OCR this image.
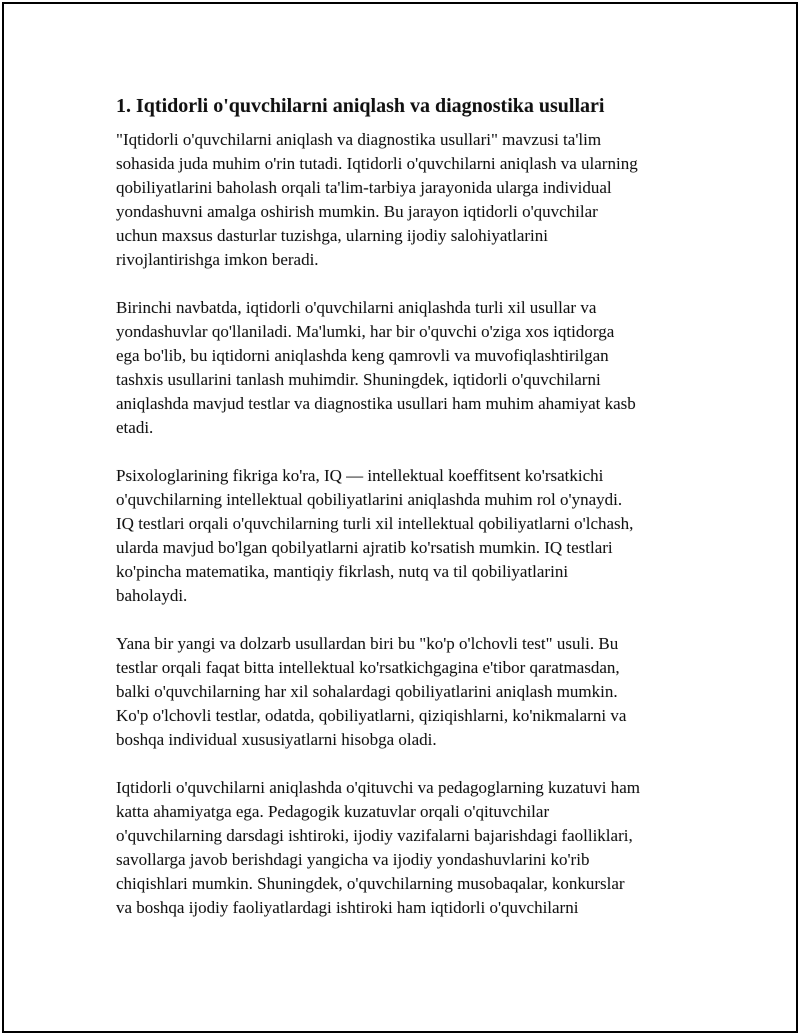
1. Iqtidorli o'quvchilarni aniqlash va diagnostika usullari
"Iqtidorli o'quvchilarni aniqlash va diagnostika usullari" mavzusi ta'lim
sohasida juda muhim o'rin tutadi. Iqtidorli o'quvchilarni aniqlash va ularning
qobiliyatlarini baholash orqali ta'lim-tarbiya jarayonida ularga individual
yondashuvni amalga oshirish mumkin. Bu jarayon iqtidorli o'quvchilar
uchun maxsus dasturlar tuzishga, ularning ijodiy salohiyatlarini
rivojlantirishga imkon beradi.
Birinchi navbatda, iqtidorli o'quvchilarni aniqlashda turli xil usullar va
yondashuvlar qo'llaniladi. Ma'lumki, har bir o'quvchi o'ziga xos iqtidorga
ega bo'lib, bu iqtidorni aniqlashda keng qamrovli va muvofiqlashtirilgan
tashxis usullarini tanlash muhimdir. Shuningdek, iqtidorli o'quvchilarni
aniqlashda mavjud testlar va diagnostika usullari ham muhim ahamiyat kasb
etadi.
Psixologlarining fikriga ko'ra, IQ — intellektual koeffitsent ko'rsatkichi
o'quvchilarning intellektual qobiliyatlarini aniqlashda muhim rol o'ynaydi.
IQ testlari orqali o'quvchilarning turli xil intellektual qobiliyatlarni o'lchash,
ularda mavjud bo'lgan qobilyatlarni ajratib ko'rsatish mumkin. IQ testlari
ko'pincha matematika, mantiqiy fikrlash, nutq va til qobiliyatlarini
baholaydi.
Yana bir yangi va dolzarb usullardan biri bu "ko'p o'lchovli test" usuli. Bu
testlar orqali faqat bitta intellektual ko'rsatkichgagina e'tibor qaratmasdan,
balki o'quvchilarning har xil sohalardagi qobiliyatlarini aniqlash mumkin.
Ko'p o'lchovli testlar, odatda, qobiliyatlarni, qiziqishlarni, ko'nikmalarni va
boshqa individual xususiyatlarni hisobga oladi.
Iqtidorli o'quvchilarni aniqlashda o'qituvchi va pedagoglarning kuzatuvi ham
katta ahamiyatga ega. Pedagogik kuzatuvlar orqali o'qituvchilar
o'quvchilarning darsdagi ishtiroki, ijodiy vazifalarni bajarishdagi faolliklari,
savollarga javob berishdagi yangicha va ijodiy yondashuvlarini ko'rib
chiqishlari mumkin. Shuningdek, o'quvchilarning musobaqalar, konkurslar
va boshqa ijodiy faoliyatlardagi ishtiroki ham iqtidorli o'quvchilarni
